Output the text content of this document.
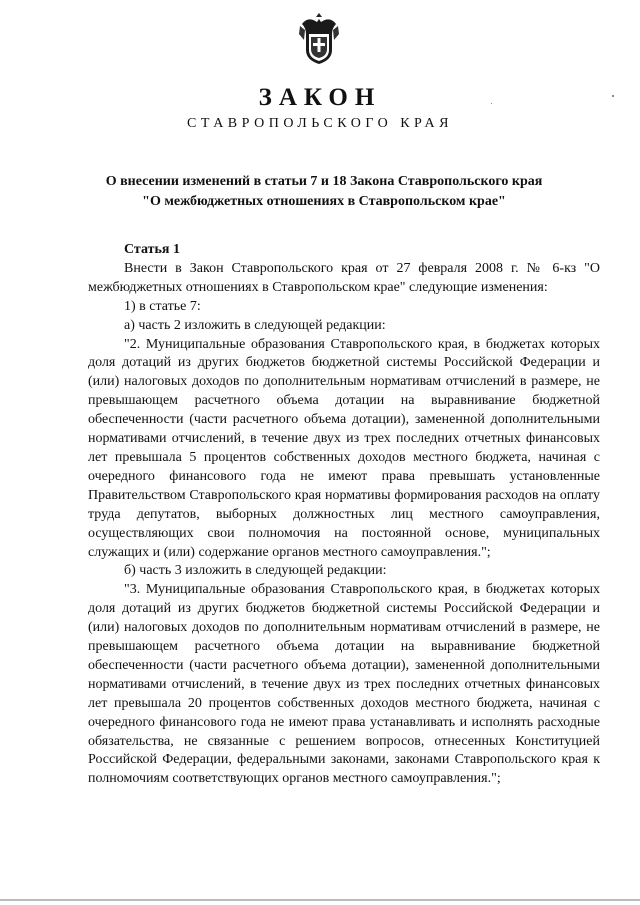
ЗАКОН
СТАВРОПОЛЬСКОГО КРАЯ
О внесении изменений в статьи 7 и 18 Закона Ставропольского края
"О межбюджетных отношениях в Ставропольском крае"

Статья 1

Внести в Закон Ставропольского края от 27 февраля 2008 г. № 6-кз "О межбюджетных отношениях в Ставропольском крае" следующие изменения:

1) в статье 7:

а) часть 2 изложить в следующей редакции:

"2. Муниципальные образования Ставропольского края, в бюджетах которых доля дотаций из других бюджетов бюджетной системы Российской Федерации и (или) налоговых доходов по дополнительным нормативам отчислений в размере, не превышающем расчетного объема дотации на выравнивание бюджетной обеспеченности (части расчетного объема дотации), замененной дополнительными нормативами отчислений, в течение двух из трех последних отчетных финансовых лет превышала 5 процентов собственных доходов местного бюджета, начиная с очередного финансового года не имеют права превышать установленные Правительством Ставропольского края нормативы формирования расходов на оплату труда депутатов, выборных должностных лиц местного самоуправления, осуществляющих свои полномочия на постоянной основе, муниципальных служащих и (или) содержание органов местного самоуправления.";

б) часть 3 изложить в следующей редакции:

"3. Муниципальные образования Ставропольского края, в бюджетах которых доля дотаций из других бюджетов бюджетной системы Российской Федерации и (или) налоговых доходов по дополнительным нормативам отчислений в размере, не превышающем расчетного объема дотации на выравнивание бюджетной обеспеченности (части расчетного объема дотации), замененной дополнительными нормативами отчислений, в течение двух из трех последних отчетных финансовых лет превышала 20 процентов собственных доходов местного бюджета, начиная с очередного финансового года не имеют права устанавливать и исполнять расходные обязательства, не связанные с решением вопросов, отнесенных Конституцией Российской Федерации, федеральными законами, законами Ставропольского края к полномочиям соответствующих органов местного самоуправления.";
